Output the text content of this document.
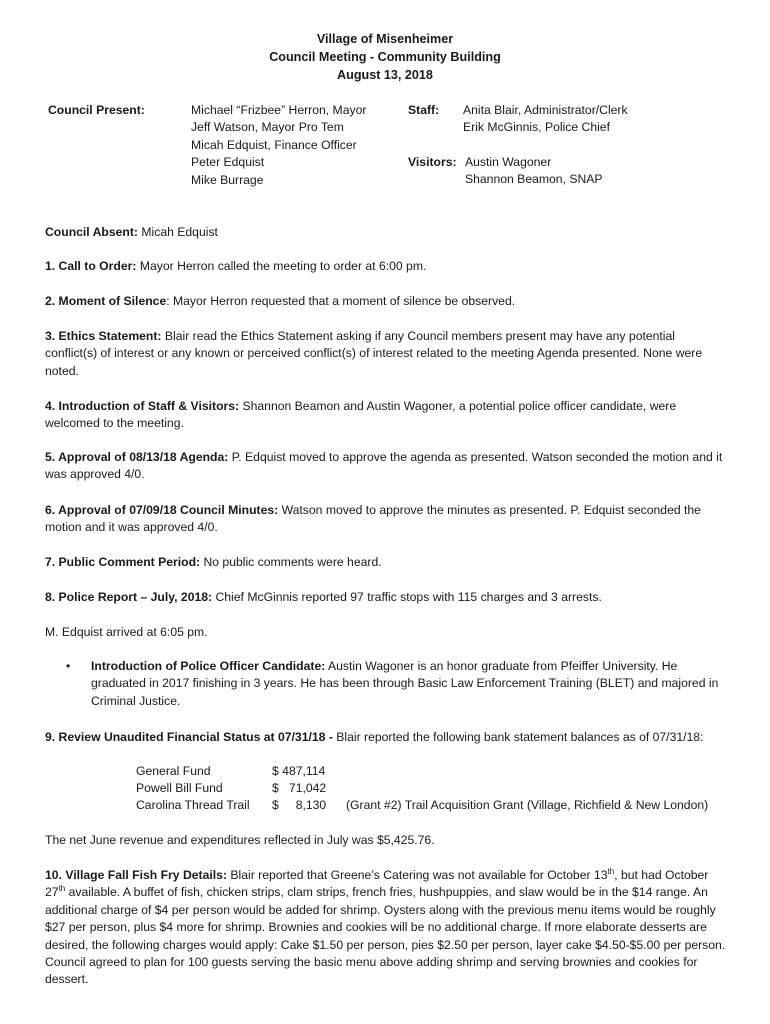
Village of Misenheimer
Council Meeting - Community Building
August 13, 2018
Council Present:	Michael “Frizbee” Herron, Mayor
Jeff Watson, Mayor Pro Tem
Micah Edquist, Finance Officer
Peter Edquist
Mike Burrage
Staff: Anita Blair, Administrator/Clerk
Erik McGinnis, Police Chief
Visitors: Austin Wagoner
Shannon Beamon, SNAP
Council Absent: Micah Edquist

1. Call to Order: Mayor Herron called the meeting to order at 6:00 pm.

2. Moment of Silence: Mayor Herron requested that a moment of silence be observed.

3. Ethics Statement: Blair read the Ethics Statement asking if any Council members present may have any potential conflict(s) of interest or any known or perceived conflict(s) of interest related to the meeting Agenda presented. None were noted.

4. Introduction of Staff & Visitors: Shannon Beamon and Austin Wagoner, a potential police officer candidate, were welcomed to the meeting.

5. Approval of 08/13/18 Agenda: P. Edquist moved to approve the agenda as presented. Watson seconded the motion and it was approved 4/0.

6. Approval of 07/09/18 Council Minutes: Watson moved to approve the minutes as presented. P. Edquist seconded the motion and it was approved 4/0.

7. Public Comment Period: No public comments were heard.

8. Police Report – July, 2018: Chief McGinnis reported 97 traffic stops with 115 charges and 3 arrests.

M. Edquist arrived at 6:05 pm.
• Introduction of Police Officer Candidate: Austin Wagoner is an honor graduate from Pfeiffer University. He graduated in 2017 finishing in 3 years. He has been through Basic Law Enforcement Training (BLET) and majored in Criminal Justice.

9. Review Unaudited Financial Status at 07/31/18 - Blair reported the following bank statement balances as of 07/31/18:

General Fund	$ 487,114
Powell Bill Fund	$   71,042
Carolina Thread Trail $     8,130 (Grant #2) Trail Acquisition Grant (Village, Richfield & New London)
The net June revenue and expenditures reflected in July was $5,425.76.

10. Village Fall Fish Fry Details: Blair reported that Greene’s Catering was not available for October 13th, but had October 27th available. A buffet of fish, chicken strips, clam strips, french fries, hushpuppies, and slaw would be in the $14 range. An additional charge of $4 per person would be added for shrimp. Oysters along with the previous menu items would be roughly $27 per person, plus $4 more for shrimp. Brownies and cookies will be no additional charge. If more elaborate desserts are desired, the following charges would apply: Cake $1.50 per person, pies $2.50 per person, layer cake $4.50-$5.00 per person. Council agreed to plan for 100 guests serving the basic menu above adding shrimp and serving brownies and cookies for dessert.
